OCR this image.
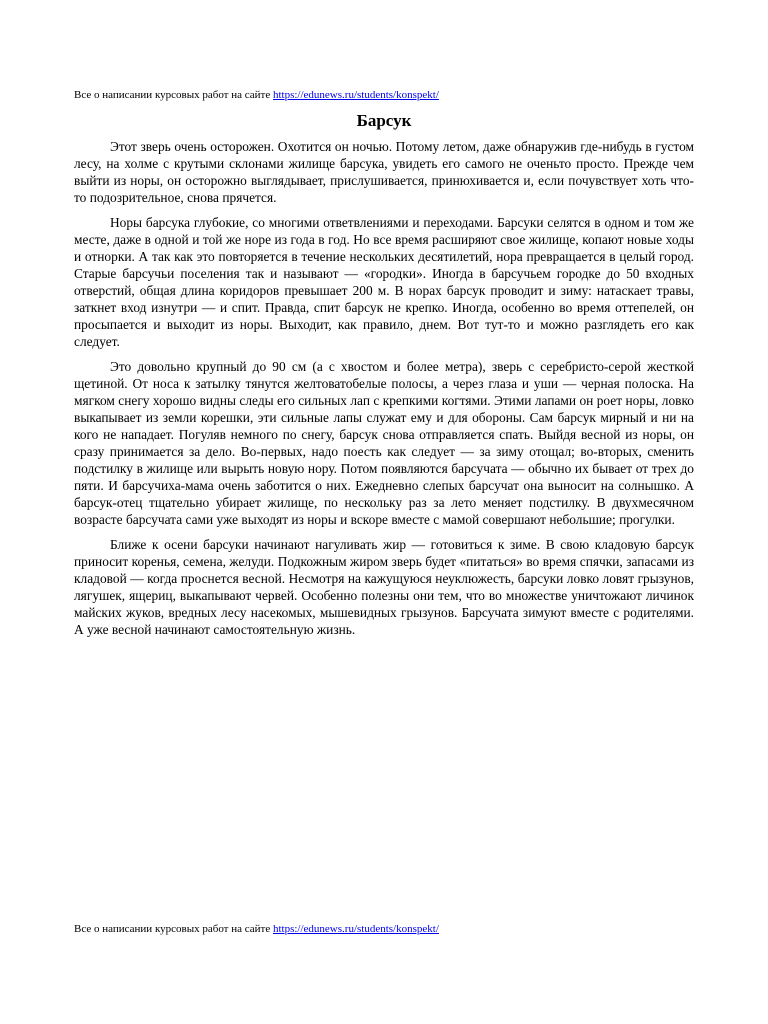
Все о написании курсовых работ на сайте https://edunews.ru/students/konspekt/
Барсук

Этот зверь очень осторожен. Охотится он ночью. Потому летом, даже обнаружив где-нибудь в густом лесу, на холме с крутыми склонами жилище барсука, увидеть его самого не оченьто просто. Прежде чем выйти из норы, он осторожно выглядывает, прислушивается, принюхивается и, если почувствует хоть что-то подозрительное, снова прячется.

Норы барсука глубокие, со многими ответвлениями и переходами. Барсуки селятся в одном и том же месте, даже в одной и той же норе из года в год. Но все время расширяют свое жилище, копают новые ходы и отнорки. А так как это повторяется в течение нескольких десятилетий, нора превращается в целый город. Старые барсучьи поселения так и называют — «городки». Иногда в барсучьем городке до 50 входных отверстий, общая длина коридоров превышает 200 м. В норах барсук проводит и зиму: натаскает травы, заткнет вход изнутри — и спит. Правда, спит барсук не крепко. Иногда, особенно во время оттепелей, он просыпается и выходит из норы. Выходит, как правило, днем. Вот тут-то и можно разглядеть его как следует.

Это довольно крупный до 90 см (а с хвостом и более метра), зверь с серебристо-серой жесткой щетиной. От носа к затылку тянутся желтоватобелые полосы, а через глаза и уши — черная полоска. На мягком снегу хорошо видны следы его сильных лап с крепкими когтями. Этими лапами он роет норы, ловко выкапывает из земли корешки, эти сильные лапы служат ему и для обороны. Сам барсук мирный и ни на кого не нападает. Погуляв немного по снегу, барсук снова отправляется спать. Выйдя весной из норы, он сразу принимается за дело. Во-первых, надо поесть как следует — за зиму отощал; во-вторых, сменить подстилку в жилище или вырыть новую нору. Потом появляются барсучата — обычно их бывает от трех до пяти. И барсучиха-мама очень заботится о них. Ежедневно слепых барсучат она выносит на солнышко. А барсук-отец тщательно убирает жилище, по нескольку раз за лето меняет подстилку. В двухмесячном возрасте барсучата сами уже выходят из норы и вскоре вместе с мамой совершают небольшие; прогулки.

Ближе к осени барсуки начинают нагуливать жир — готовиться к зиме. В свою кладовую барсук приносит коренья, семена, желуди. Подкожным жиром зверь будет «питаться» во время спячки, запасами из кладовой — когда проснется весной. Несмотря на кажущуюся неуклюжесть, барсуки ловко ловят грызунов, лягушек, ящериц, выкапывают червей. Особенно полезны они тем, что во множестве уничтожают личинок майских жуков, вредных лесу насекомых, мышевидных грызунов. Барсучата зимуют вместе с родителями. А уже весной начинают самостоятельную жизнь.

Все о написании курсовых работ на сайте https://edunews.ru/students/konspekt/
